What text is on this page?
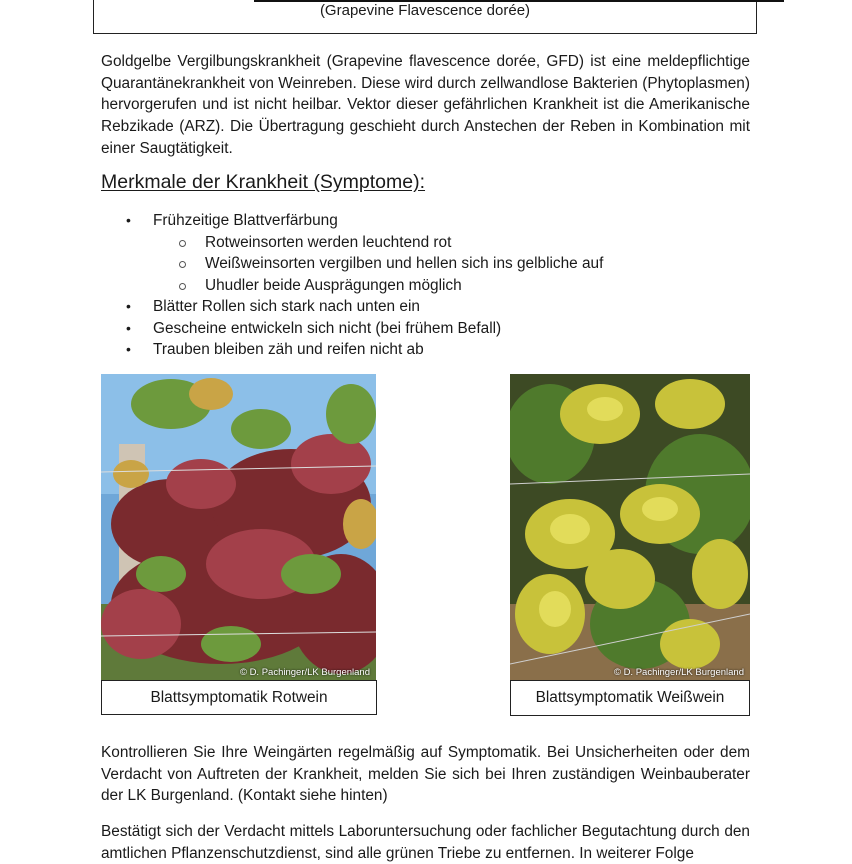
(Grapevine Flavescence dorée)

Goldgelbe Vergilbungskrankheit (Grapevine flavescence dorée, GFD) ist eine meldepflichtige Quarantänekrankheit von Weinreben. Diese wird durch zellwandlose Bakterien (Phytoplasmen) hervorgerufen und ist nicht heilbar. Vektor dieser gefährlichen Krankheit ist die Amerikanische Rebzikade (ARZ). Die Übertragung geschieht durch Anstechen der Reben in Kombination mit einer Saugtätigkeit.

Merkmale der Krankheit (Symptome):
• Frühzeitige Blattverfärbung
Rotweinsorten werden leuchtend rot
Weißweinsorten vergilben und hellen sich ins gelbliche auf
Uhudler beide Ausprägungen möglich
• Blätter Rollen sich stark nach unten ein
• Gescheine entwickeln sich nicht (bei frühem Befall)
• Trauben bleiben zäh und reifen nicht ab
© D. Pachinger/LK Burgenland
Blattsymptomatik Rotwein
© D. Pachinger/LK Burgenland
Blattsymptomatik Weißwein

Kontrollieren Sie Ihre Weingärten regelmäßig auf Symptomatik. Bei Unsicherheiten oder dem Verdacht von Auftreten der Krankheit, melden Sie sich bei Ihren zuständigen Weinbauberater der LK Burgenland. (Kontakt siehe hinten)

Bestätigt sich der Verdacht mittels Laboruntersuchung oder fachlicher Begutachtung durch den amtlichen Pflanzenschutzdienst, sind alle grünen Triebe zu entfernen. In weiterer Folge
